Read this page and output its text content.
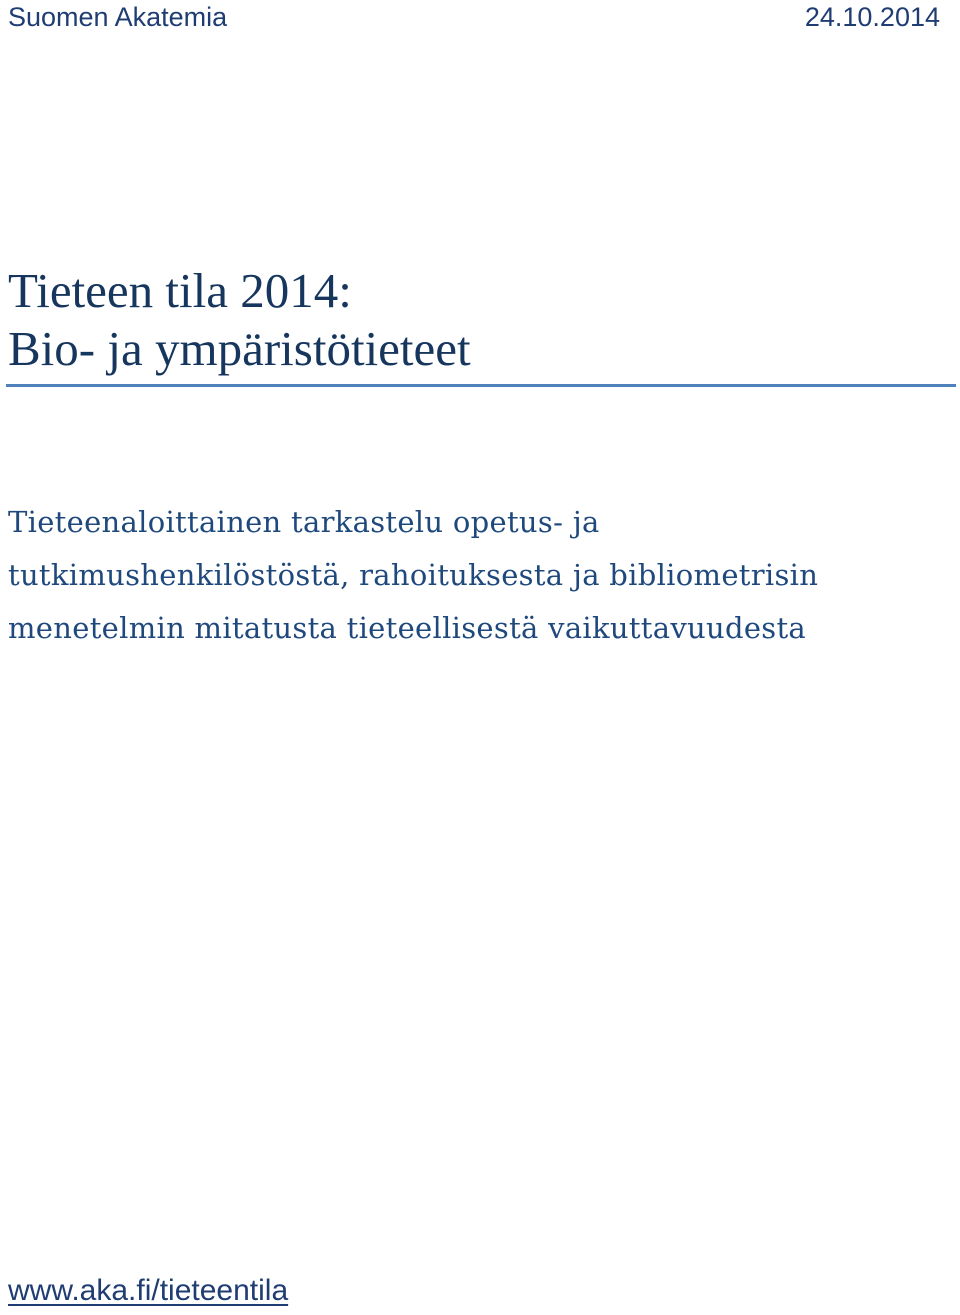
Suomen Akatemia	24.10.2014
Tieteen tila 2014:
Bio- ja ympäristötieteet
Tieteenaloittainen tarkastelu opetus- ja
tutkimushenkilöstöstä, rahoituksesta ja bibliometrisin
menetelmin mitatusta tieteellisestä vaikuttavuudesta
www.aka.fi/tieteentila
